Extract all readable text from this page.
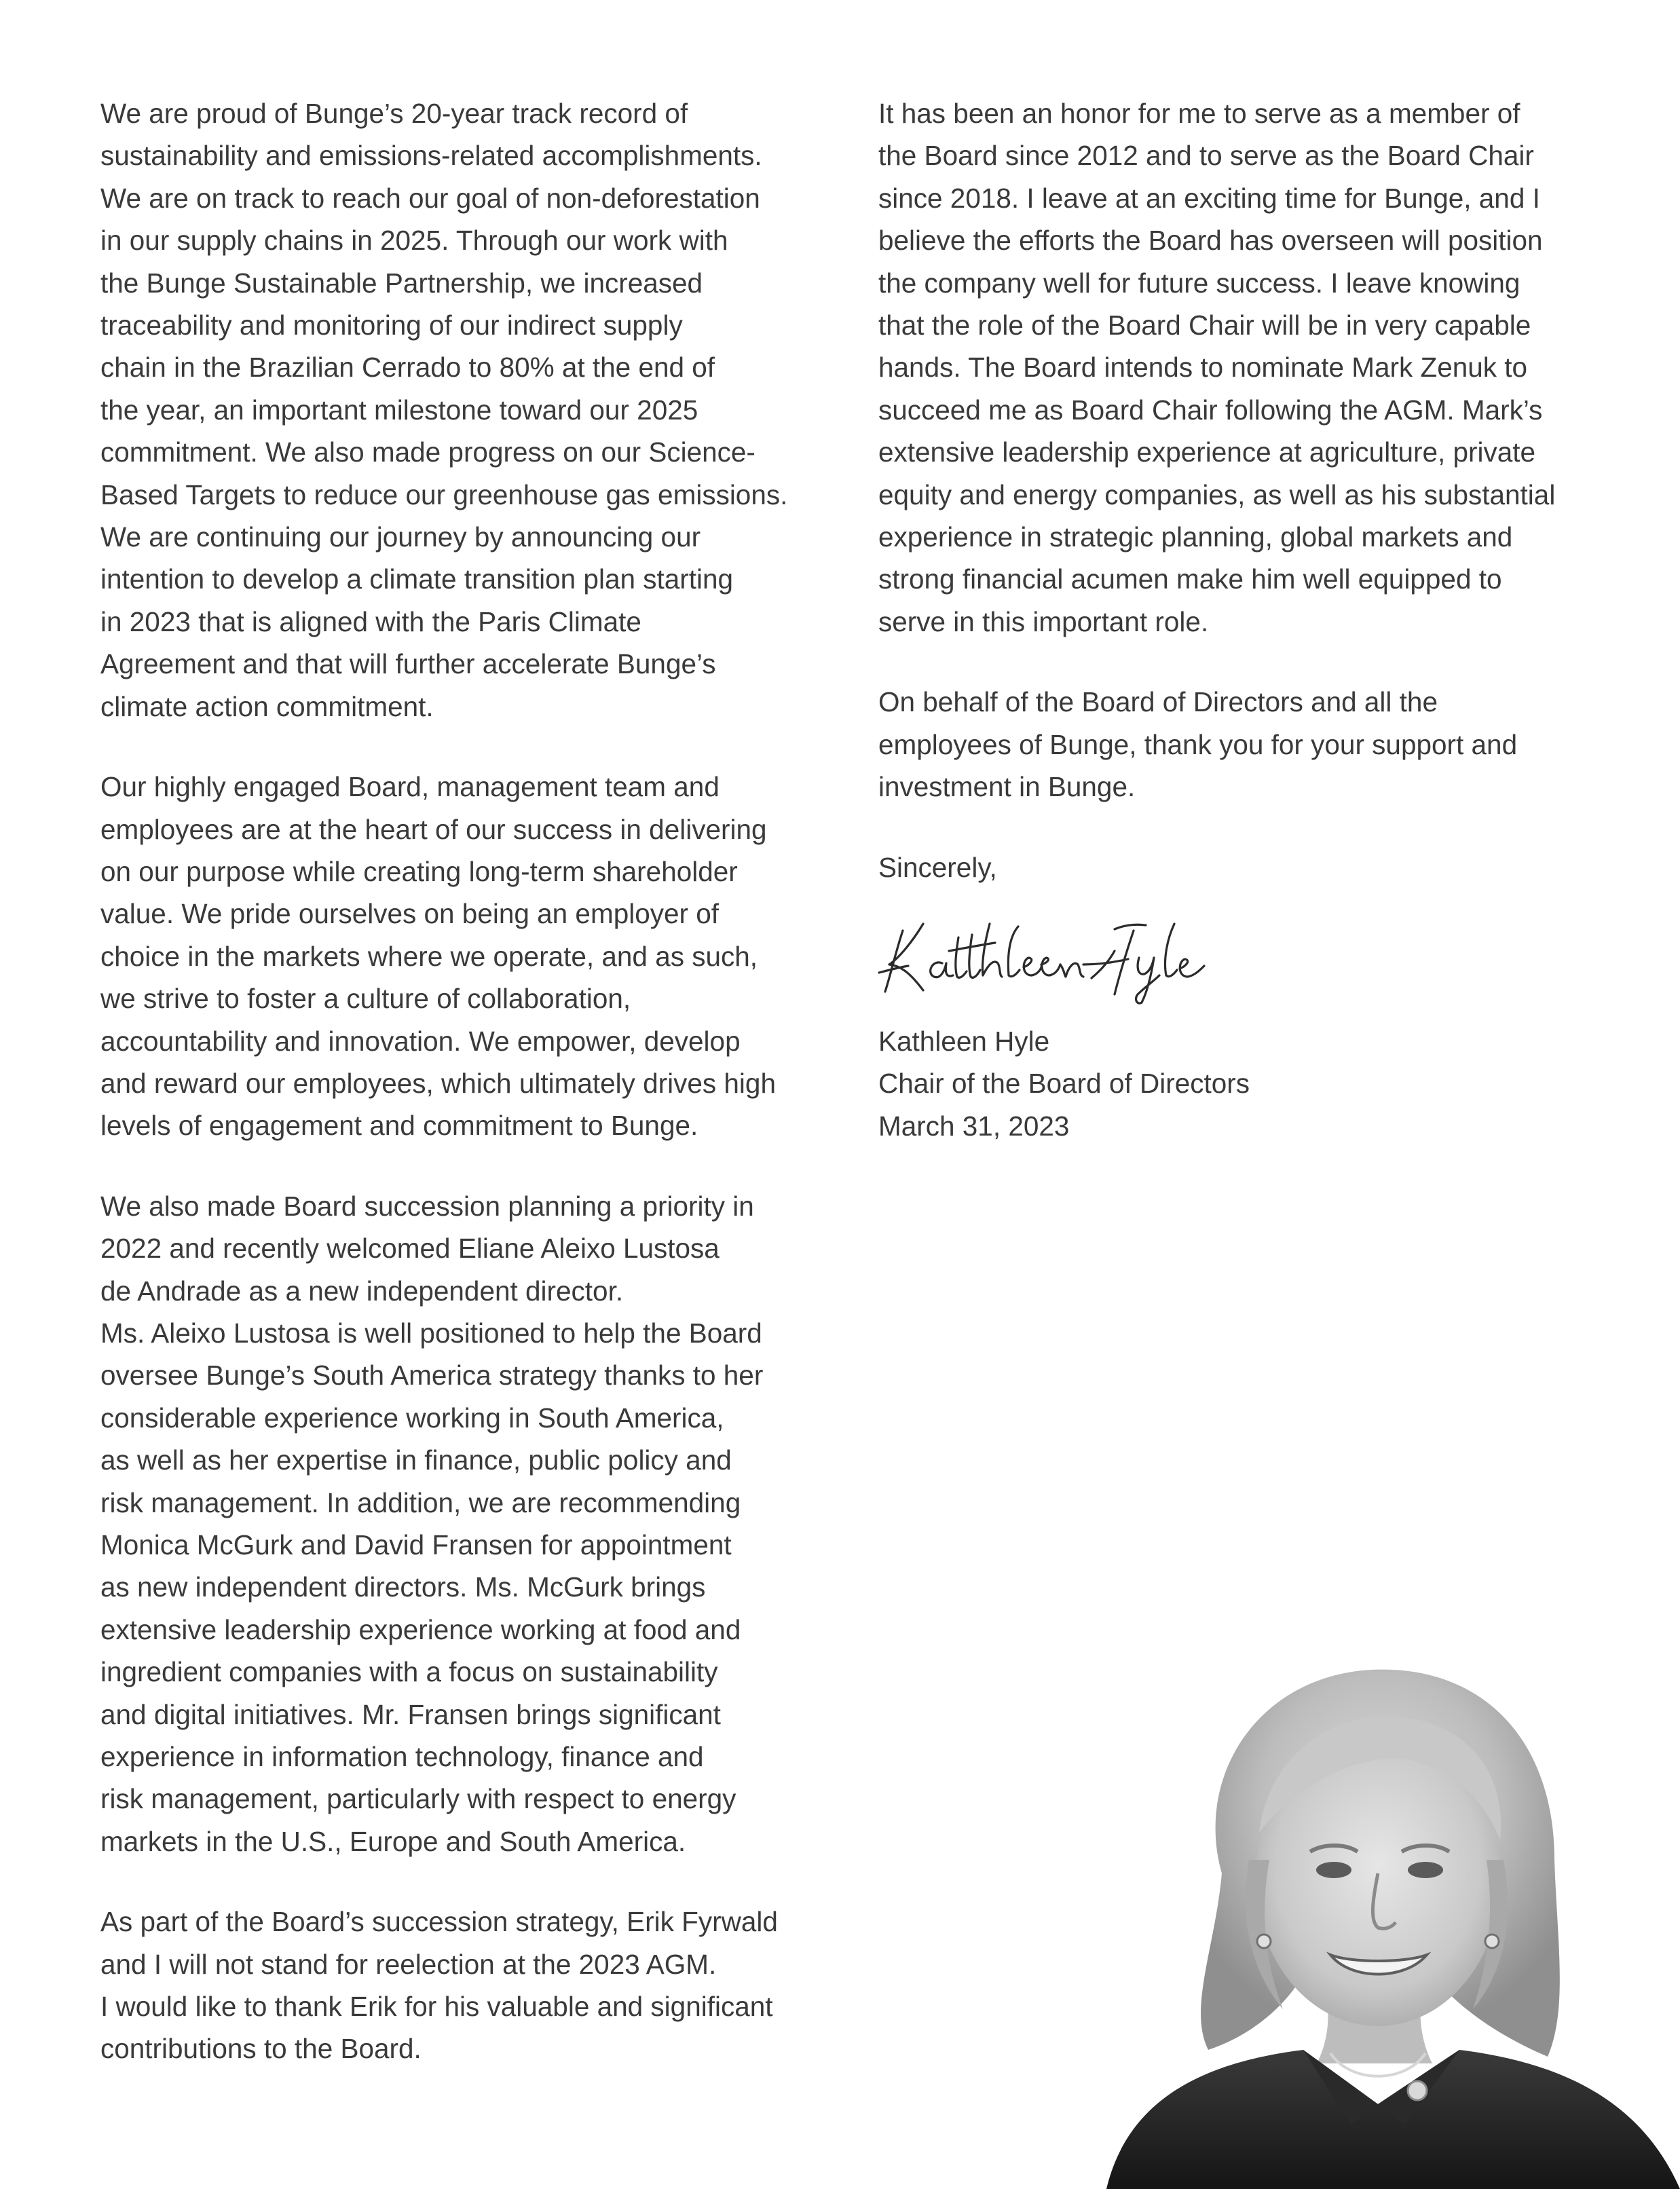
We are proud of Bunge’s 20-year track record of
sustainability and emissions-related accomplishments.
We are on track to reach our goal of non-deforestation
in our supply chains in 2025. Through our work with
the Bunge Sustainable Partnership, we increased
traceability and monitoring of our indirect supply
chain in the Brazilian Cerrado to 80% at the end of
the year, an important milestone toward our 2025
commitment. We also made progress on our Science-
Based Targets to reduce our greenhouse gas emissions.
We are continuing our journey by announcing our
intention to develop a climate transition plan starting
in 2023 that is aligned with the Paris Climate
Agreement and that will further accelerate Bunge’s
climate action commitment.

Our highly engaged Board, management team and
employees are at the heart of our success in delivering
on our purpose while creating long-term shareholder
value. We pride ourselves on being an employer of
choice in the markets where we operate, and as such,
we strive to foster a culture of collaboration,
accountability and innovation. We empower, develop
and reward our employees, which ultimately drives high
levels of engagement and commitment to Bunge.

We also made Board succession planning a priority in
2022 and recently welcomed Eliane Aleixo Lustosa
de Andrade as a new independent director.
Ms. Aleixo Lustosa is well positioned to help the Board
oversee Bunge’s South America strategy thanks to her
considerable experience working in South America,
as well as her expertise in finance, public policy and
risk management. In addition, we are recommending
Monica McGurk and David Fransen for appointment
as new independent directors. Ms. McGurk brings
extensive leadership experience working at food and
ingredient companies with a focus on sustainability
and digital initiatives. Mr. Fransen brings significant
experience in information technology, finance and
risk management, particularly with respect to energy
markets in the U.S., Europe and South America.

As part of the Board’s succession strategy, Erik Fyrwald
and I will not stand for reelection at the 2023 AGM.
I would like to thank Erik for his valuable and significant
contributions to the Board.

It has been an honor for me to serve as a member of
the Board since 2012 and to serve as the Board Chair
since 2018. I leave at an exciting time for Bunge, and I
believe the efforts the Board has overseen will position
the company well for future success. I leave knowing
that the role of the Board Chair will be in very capable
hands. The Board intends to nominate Mark Zenuk to
succeed me as Board Chair following the AGM. Mark’s
extensive leadership experience at agriculture, private
equity and energy companies, as well as his substantial
experience in strategic planning, global markets and
strong financial acumen make him well equipped to
serve in this important role.

On behalf of the Board of Directors and all the
employees of Bunge, thank you for your support and
investment in Bunge.

Sincerely,

Kathleen Hyle
Chair of the Board of Directors
March 31, 2023
